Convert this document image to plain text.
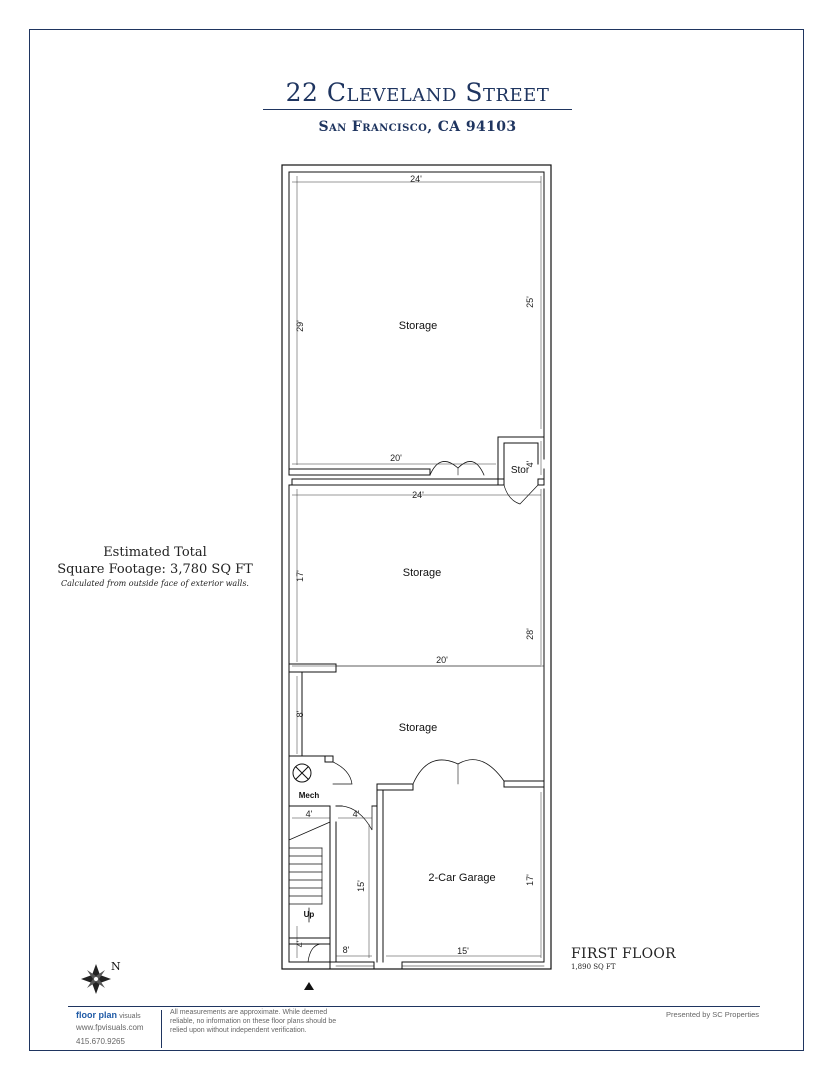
22 Cleveland Street
San Francisco, CA 94103
Estimated Total
Square Footage: 3,780 SQ FT
Calculated from outside face of exterior walls.
Storage
Storage
Storage
Stor
Mech
2-Car Garage
Up
24'
29'
25'
20'
4'
24'
17'
28'
20'
8'
4'	4'
15'
17'
15'
4'
8'
N
FIRST FLOOR
1,890 SQ FT
floor plan visuals
www.fpvisuals.com
415.670.9265
All measurements are approximate. While deemed reliable, no information on these floor plans should be relied upon without independent verification.
Presented by SC Properties
